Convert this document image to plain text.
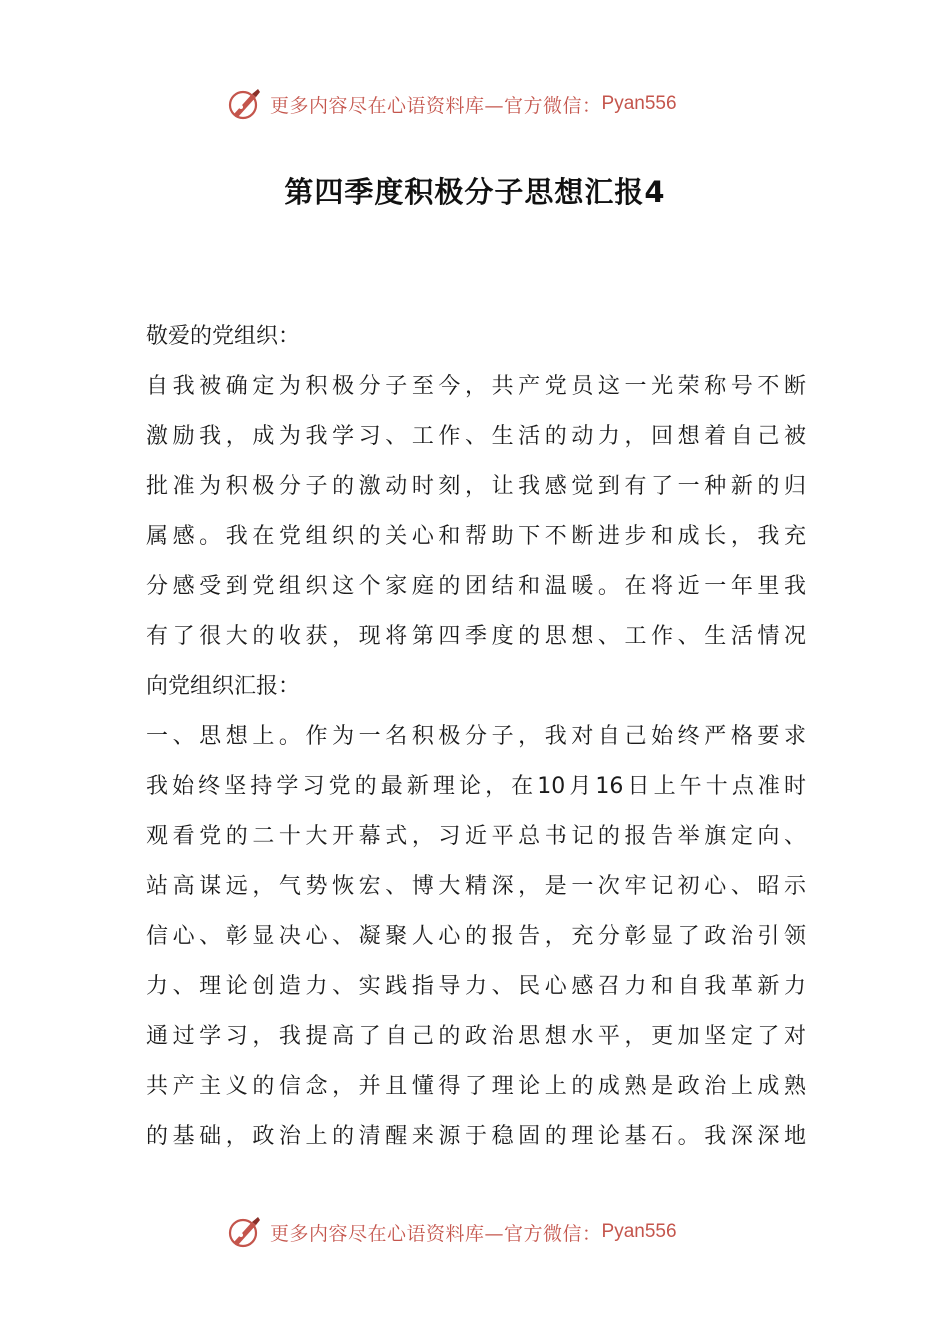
更多内容尽在心语资料库—官方微信： Pyan556
第四季度积极分子思想汇报4
敬爱的党组织：
自我被确定为积极分子至今，共产党员这一光荣称号不断
激励我，成为我学习、工作、生活的动力，回想着自己被
批准为积极分子的激动时刻，让我感觉到有了一种新的归
属感。我在党组织的关心和帮助下不断进步和成长，我充
分感受到党组织这个家庭的团结和温暖。在将近一年里我
有了很大的收获，现将第四季度的思想、工作、生活情况
向党组织汇报：
一、思想上。作为一名积极分子，我对自己始终严格要求
我始终坚持学习党的最新理论，在10月16日上午十点准时
观看党的二十大开幕式，习近平总书记的报告举旗定向、
站高谋远，气势恢宏、博大精深，是一次牢记初心、昭示
信心、彰显决心、凝聚人心的报告，充分彰显了政治引领
力、理论创造力、实践指导力、民心感召力和自我革新力
通过学习，我提高了自己的政治思想水平，更加坚定了对
共产主义的信念，并且懂得了理论上的成熟是政治上成熟
的基础，政治上的清醒来源于稳固的理论基石。我深深地
更多内容尽在心语资料库—官方微信： Pyan556
